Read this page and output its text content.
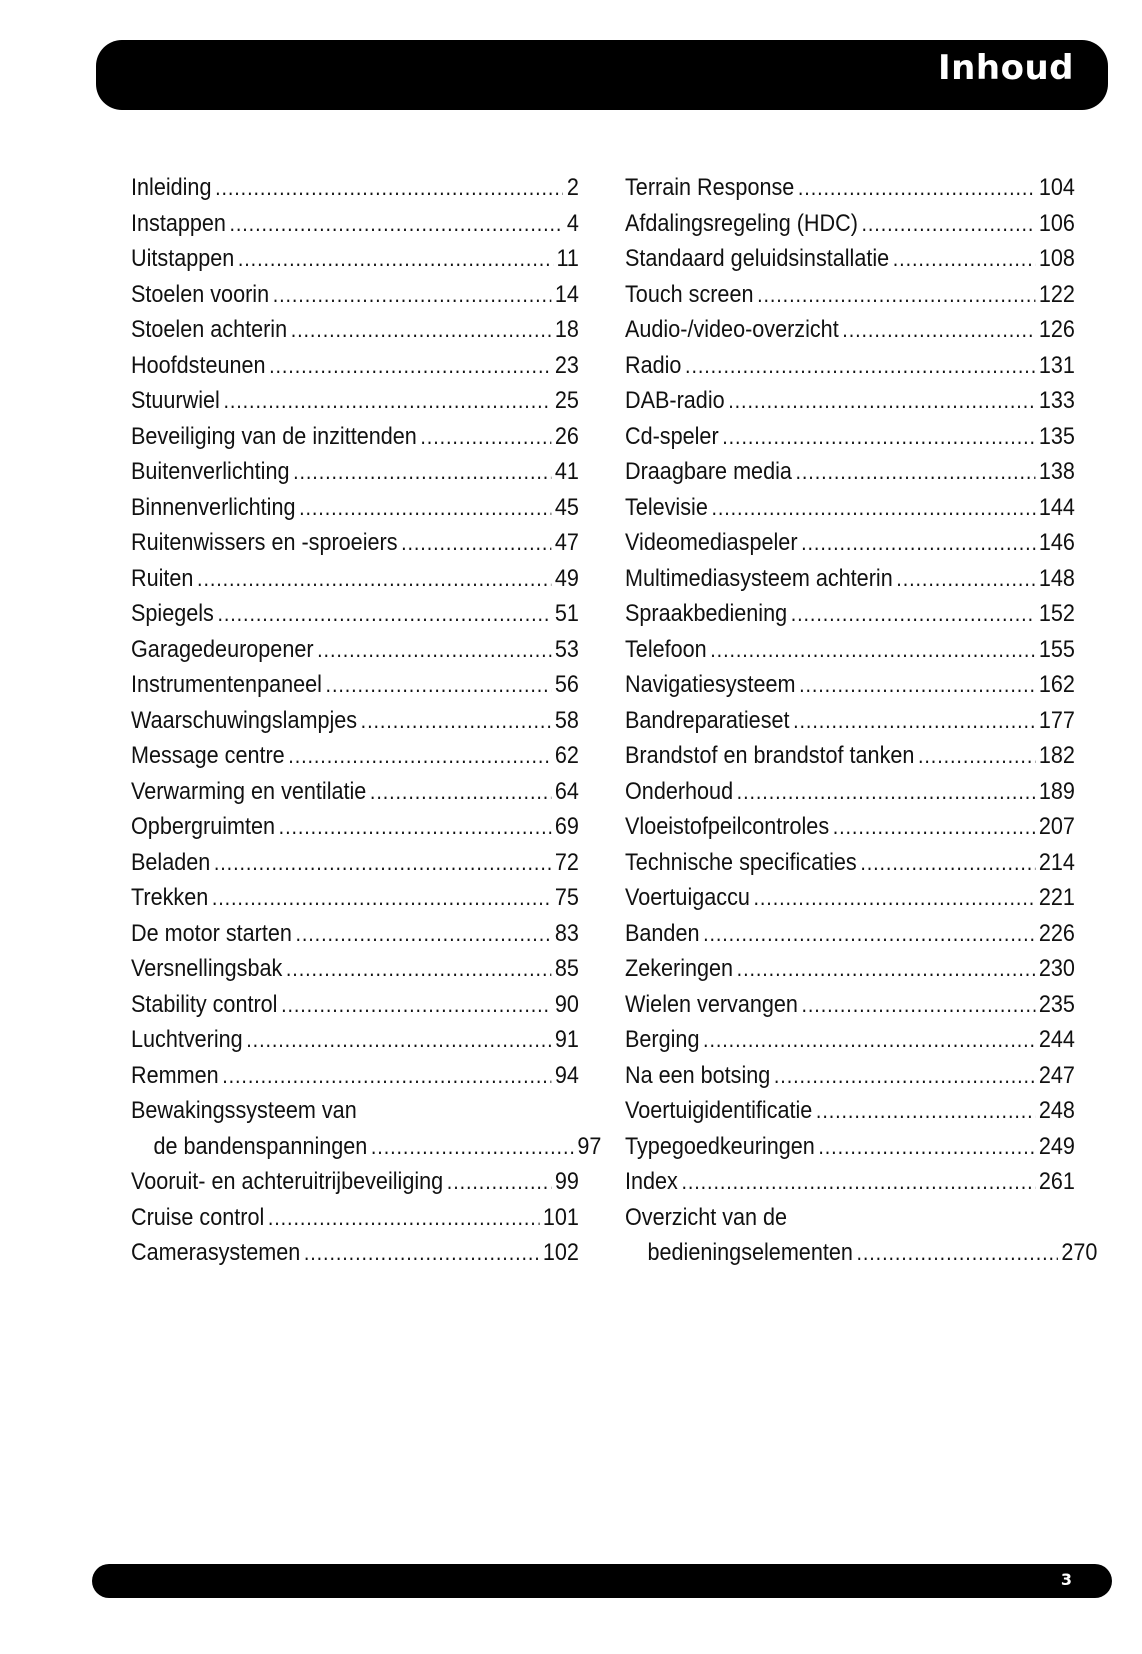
Inhoud
Inleiding .....	2
Instappen .....	4
Uitstappen .....	11
Stoelen voorin .....	14
Stoelen achterin .....	18
Hoofdsteunen .....	23
Stuurwiel .....	25
Beveiliging van de inzittenden .....	26
Buitenverlichting .....	41
Binnenverlichting .....	45
Ruitenwissers en -sproeiers .....	47
Ruiten .....	49
Spiegels .....	51
Garagedeuropener .....	53
Instrumentenpaneel .....	56
Waarschuwingslampjes .....	58
Message centre .....	62
Verwarming en ventilatie .....	64
Opbergruimten .....	69
Beladen .....	72
Trekken .....	75
De motor starten .....	83
Versnellingsbak .....	85
Stability control .....	90
Luchtvering .....	91
Remmen .....	94
Bewakingssysteem van
de bandenspanningen .....	97
Vooruit- en achteruitrijbeveiliging .....	99
Cruise control .....	101
Camerasystemen .....	102
Terrain Response .....	104
Afdalingsregeling (HDC) .....	106
Standaard geluidsinstallatie .....	108
Touch screen .....	122
Audio-/video-overzicht .....	126
Radio .....	131
DAB-radio .....	133
Cd-speler .....	135
Draagbare media .....	138
Televisie .....	144
Videomediaspeler .....	146
Multimediasysteem achterin .....	148
Spraakbediening .....	152
Telefoon .....	155
Navigatiesysteem .....	162
Bandreparatieset .....	177
Brandstof en brandstof tanken .....	182
Onderhoud .....	189
Vloeistofpeilcontroles .....	207
Technische specificaties .....	214
Voertuigaccu .....	221
Banden .....	226
Zekeringen .....	230
Wielen vervangen .....	235
Berging .....	244
Na een botsing .....	247
Voertuigidentificatie .....	248
Typegoedkeuringen .....	249
Index .....	261
Overzicht van de
bedieningselementen .....	270
3
